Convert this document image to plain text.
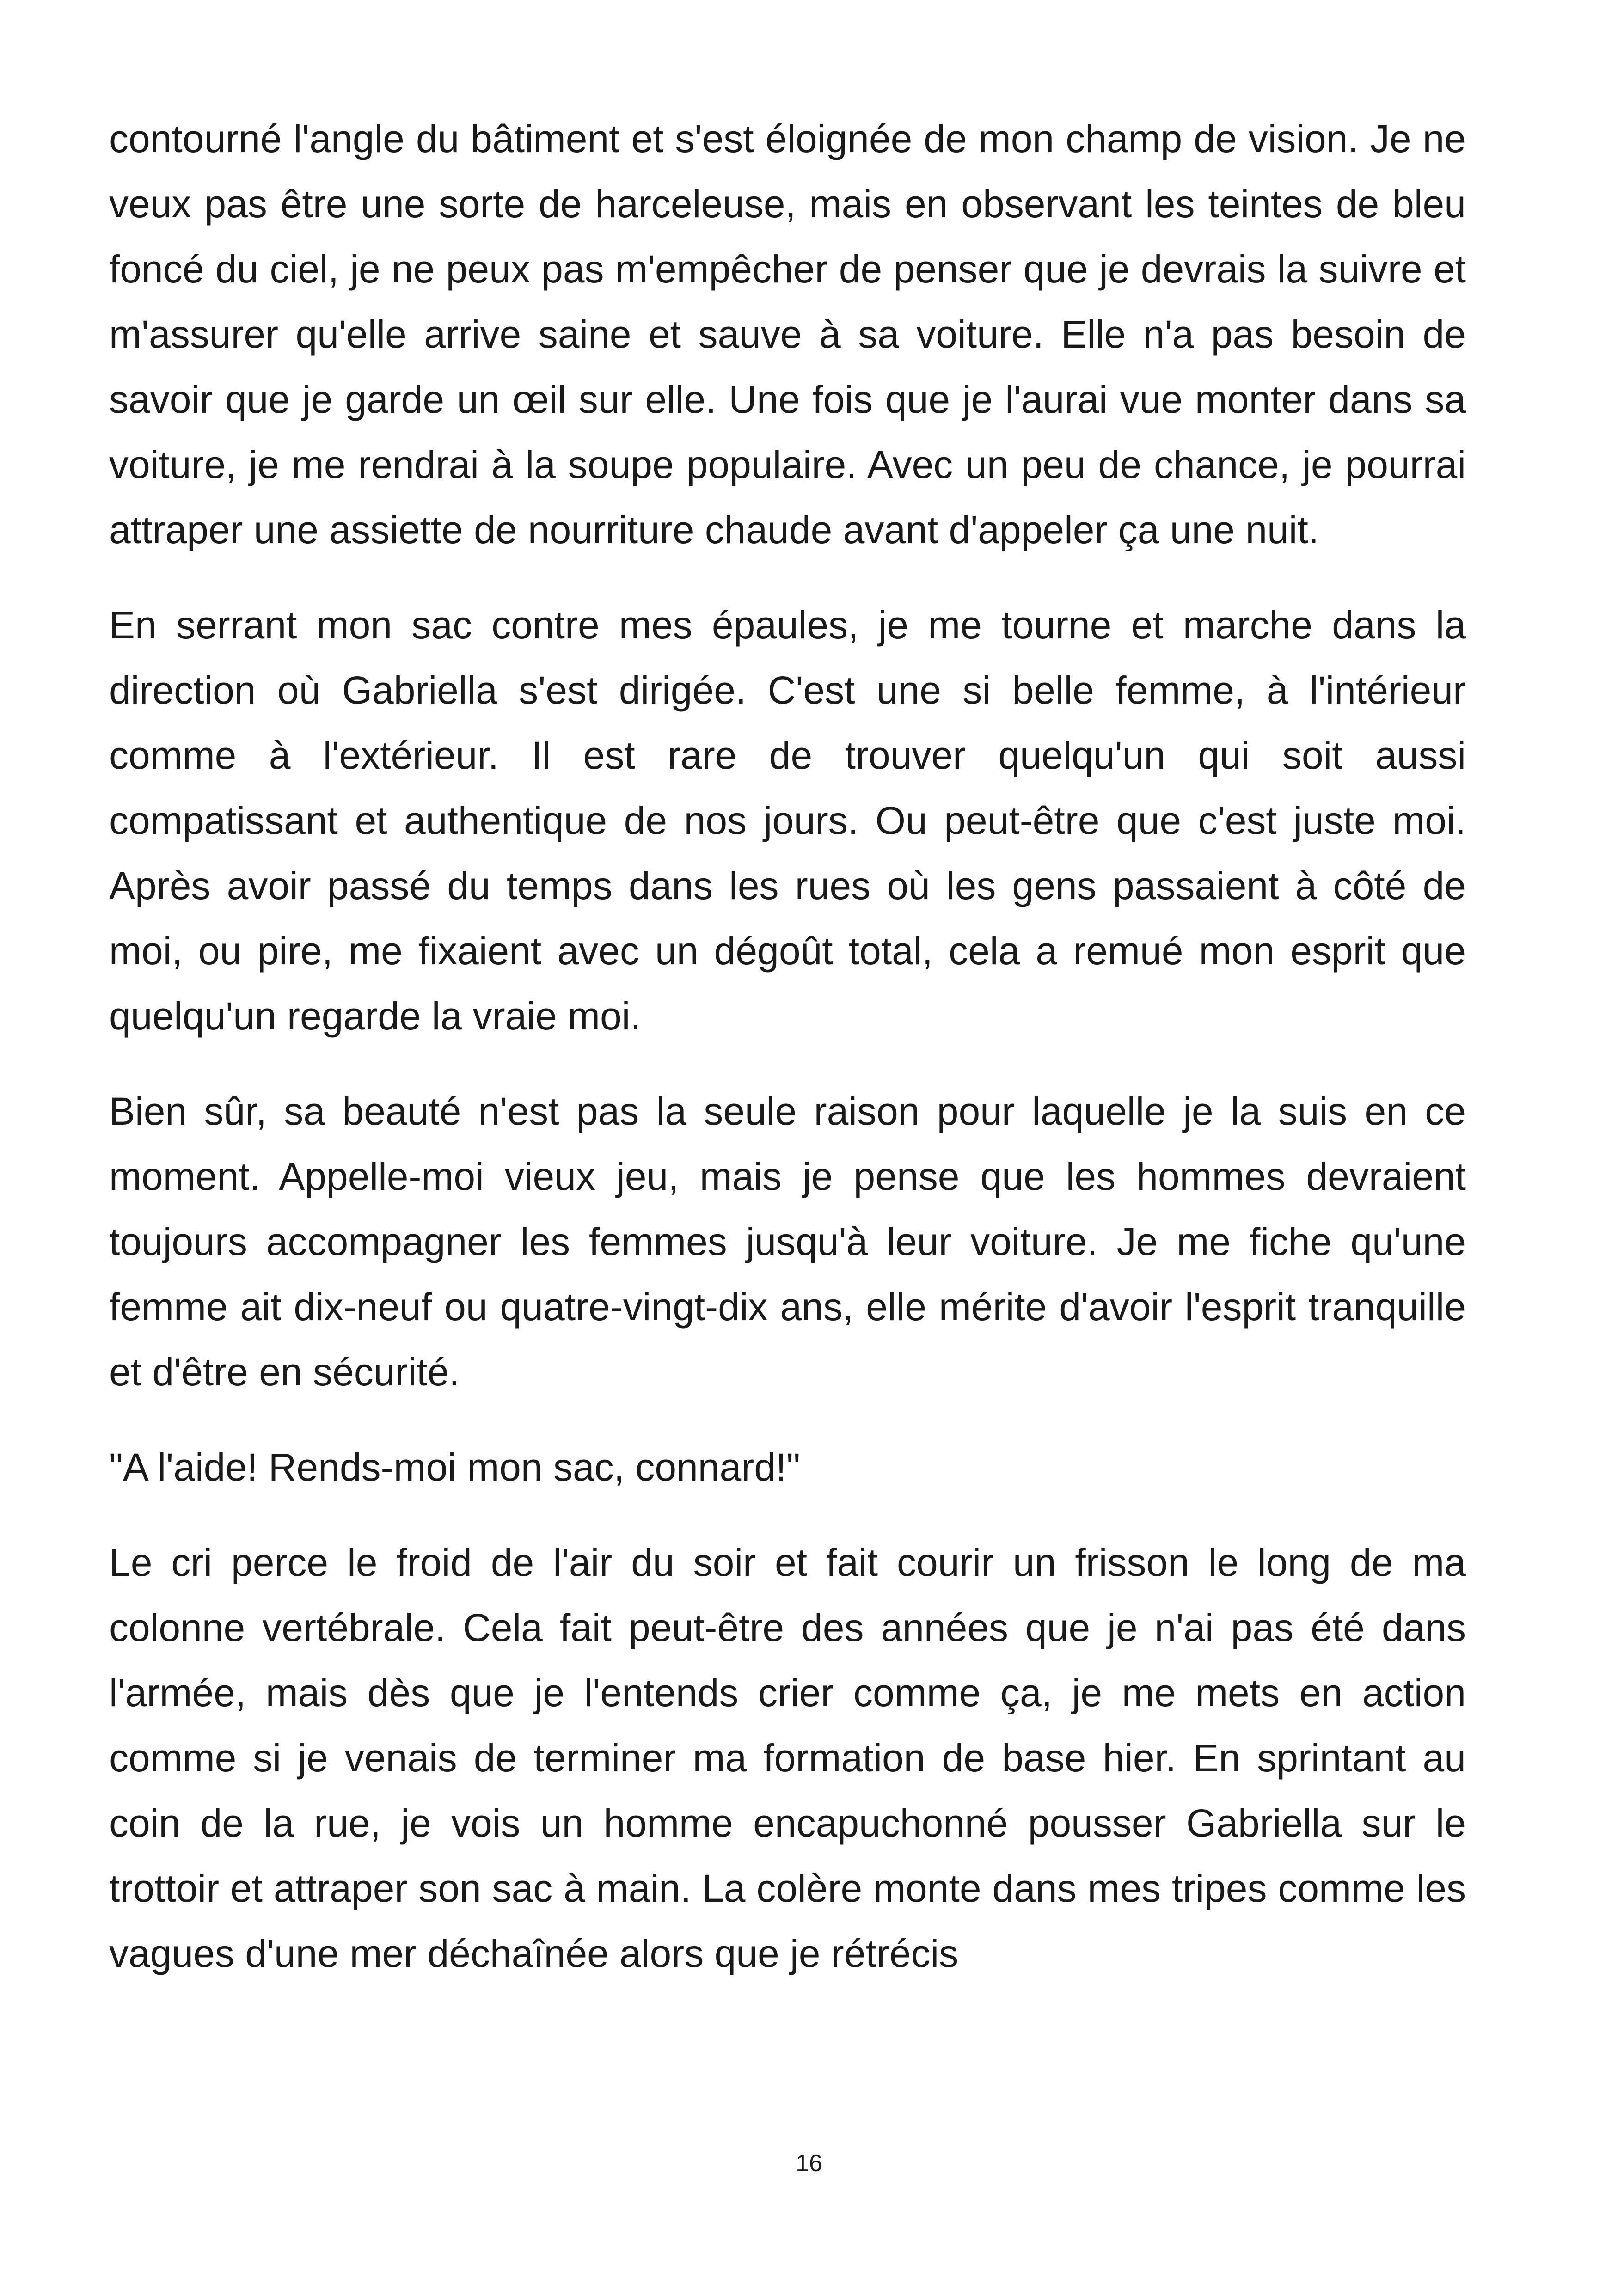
contourné l'angle du bâtiment et s'est éloignée de mon champ de vision. Je ne veux pas être une sorte de harceleuse, mais en observant les teintes de bleu foncé du ciel, je ne peux pas m'empêcher de penser que je devrais la suivre et m'assurer qu'elle arrive saine et sauve à sa voiture. Elle n'a pas besoin de savoir que je garde un œil sur elle. Une fois que je l'aurai vue monter dans sa voiture, je me rendrai à la soupe populaire. Avec un peu de chance, je pourrai attraper une assiette de nourriture chaude avant d'appeler ça une nuit.

En serrant mon sac contre mes épaules, je me tourne et marche dans la direction où Gabriella s'est dirigée. C'est une si belle femme, à l'intérieur comme à l'extérieur. Il est rare de trouver quelqu'un qui soit aussi compatissant et authentique de nos jours. Ou peut-être que c'est juste moi. Après avoir passé du temps dans les rues où les gens passaient à côté de moi, ou pire, me fixaient avec un dégoût total, cela a remué mon esprit que quelqu'un regarde la vraie moi.

Bien sûr, sa beauté n'est pas la seule raison pour laquelle je la suis en ce moment. Appelle-moi vieux jeu, mais je pense que les hommes devraient toujours accompagner les femmes jusqu'à leur voiture. Je me fiche qu'une femme ait dix-neuf ou quatre-vingt-dix ans, elle mérite d'avoir l'esprit tranquille et d'être en sécurité.

"A l'aide! Rends-moi mon sac, connard!"

Le cri perce le froid de l'air du soir et fait courir un frisson le long de ma colonne vertébrale. Cela fait peut-être des années que je n'ai pas été dans l'armée, mais dès que je l'entends crier comme ça, je me mets en action comme si je venais de terminer ma formation de base hier. En sprintant au coin de la rue, je vois un homme encapuchonné pousser Gabriella sur le trottoir et attraper son sac à main. La colère monte dans mes tripes comme les vagues d'une mer déchaînée alors que je rétrécis

16
